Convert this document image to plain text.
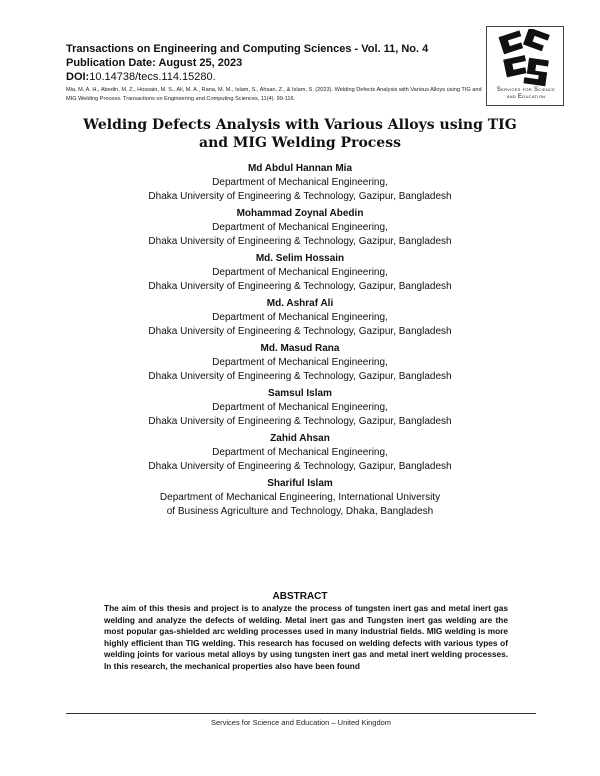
Transactions on Engineering and Computing Sciences - Vol. 11, No. 4
Publication Date: August 25, 2023
DOI:10.14738/tecs.114.15280.
Mia, M. A. H., Abedin, M. Z., Hossain, M. S., Ali, M. A., Rana, M. M., Islam, S., Ahsan, Z., & Islam, S. (2023). Welding Defects Analysis with Various Alloys using TIG and MIG Welding Process. Transactions on Engineering and Computing Sciences, 11(4). 99-116.
Services for Science
and Education
Welding Defects Analysis with Various Alloys using TIG and MIG Welding Process
Md Abdul Hannan Mia
Department of Mechanical Engineering,
Dhaka University of Engineering & Technology, Gazipur, Bangladesh
Mohammad Zoynal Abedin
Department of Mechanical Engineering,
Dhaka University of Engineering & Technology, Gazipur, Bangladesh
Md. Selim Hossain
Department of Mechanical Engineering,
Dhaka University of Engineering & Technology, Gazipur, Bangladesh
Md. Ashraf Ali
Department of Mechanical Engineering,
Dhaka University of Engineering & Technology, Gazipur, Bangladesh
Md. Masud Rana
Department of Mechanical Engineering,
Dhaka University of Engineering & Technology, Gazipur, Bangladesh
Samsul Islam
Department of Mechanical Engineering,
Dhaka University of Engineering & Technology, Gazipur, Bangladesh
Zahid Ahsan
Department of Mechanical Engineering,
Dhaka University of Engineering & Technology, Gazipur, Bangladesh
Shariful Islam
Department of Mechanical Engineering, International University
of Business Agriculture and Technology, Dhaka, Bangladesh
ABSTRACT
The aim of this thesis and project is to analyze the process of tungsten inert gas and metal inert gas welding and analyze the defects of welding. Metal inert gas and Tungsten inert gas welding are the most popular gas-shielded arc welding processes used in many industrial fields. MIG welding is more highly efficient than TIG welding. This research has focused on welding defects with various types of welding joints for various metal alloys by using tungsten inert gas and metal inert welding processes. In this research, the mechanical properties also have been found
Services for Science and Education – United Kingdom
